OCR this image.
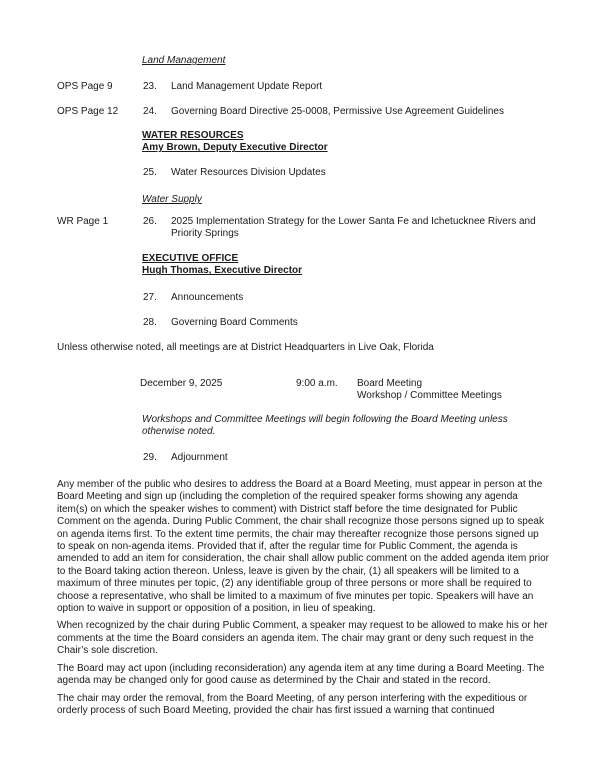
Land Management
OPS Page 9	23. Land Management Update Report
OPS Page 12 24. Governing Board Directive 25-0008, Permissive Use Agreement Guidelines
WATER RESOURCES
Amy Brown, Deputy Executive Director
25. Water Resources Division Updates
Water Supply
WR Page 1	26. 2025 Implementation Strategy for the Lower Santa Fe and Ichetucknee Rivers and Priority Springs
EXECUTIVE OFFICE
Hugh Thomas, Executive Director
27. Announcements
28. Governing Board Comments
Unless otherwise noted, all meetings are at District Headquarters in Live Oak, Florida
December 9, 2025	9:00 a.m. Board Meeting
Workshop / Committee Meetings
Workshops and Committee Meetings will begin following the Board Meeting unless otherwise noted.
29. Adjournment

Any member of the public who desires to address the Board at a Board Meeting, must appear in person at the Board Meeting and sign up (including the completion of the required speaker forms showing any agenda item(s) on which the speaker wishes to comment) with District staff before the time designated for Public Comment on the agenda. During Public Comment, the chair shall recognize those persons signed up to speak on agenda items first. To the extent time permits, the chair may thereafter recognize those persons signed up to speak on non-agenda items. Provided that if, after the regular time for Public Comment, the agenda is amended to add an item for consideration, the chair shall allow public comment on the added agenda item prior to the Board taking action thereon. Unless, leave is given by the chair, (1) all speakers will be limited to a maximum of three minutes per topic, (2) any identifiable group of three persons or more shall be required to choose a representative, who shall be limited to a maximum of five minutes per topic. Speakers will have an option to waive in support or opposition of a position, in lieu of speaking.

When recognized by the chair during Public Comment, a speaker may request to be allowed to make his or her comments at the time the Board considers an agenda item. The chair may grant or deny such request in the Chair’s sole discretion.

The Board may act upon (including reconsideration) any agenda item at any time during a Board Meeting. The agenda may be changed only for good cause as determined by the Chair and stated in the record.

The chair may order the removal, from the Board Meeting, of any person interfering with the expeditious or orderly process of such Board Meeting, provided the chair has first issued a warning that continued
